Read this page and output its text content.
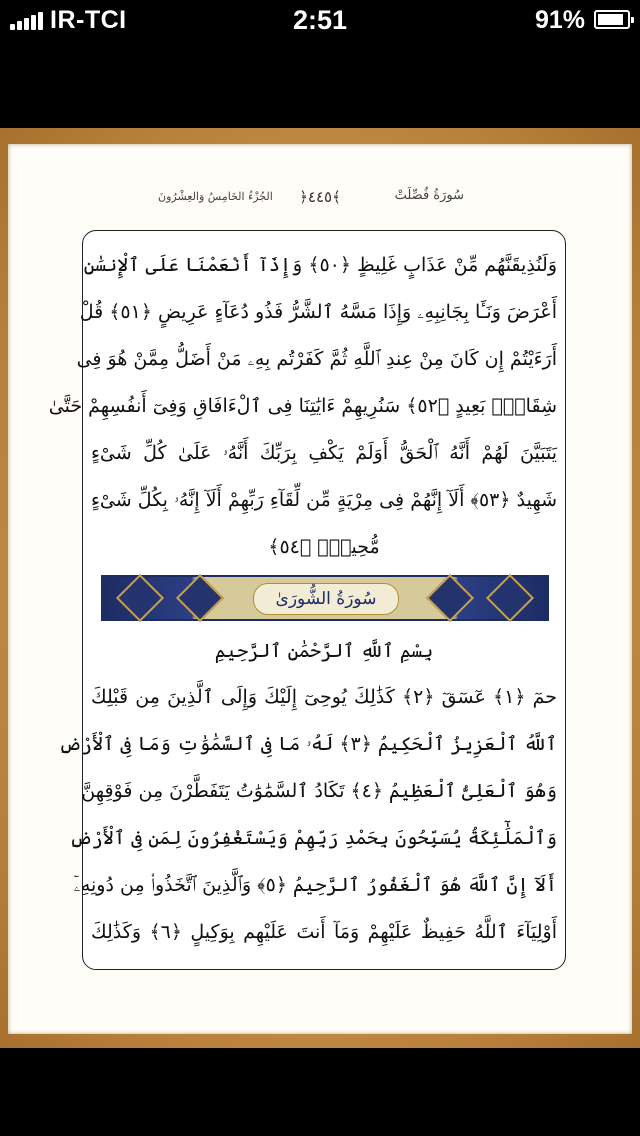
IR-TCI	2:51	91%
سُورَةُ فُصِّلَتْ
﴿٤٤٥﴾
الجُزْءُ الخَامِسُ وَالعِشْرُونَ
وَلَنُذِيقَنَّهُم مِّنْ عَذَابٍ غَلِيظٍ ﴿٥٠﴾ وَإِذَآ أَنْعَمْنَا عَلَى ٱلْإِنسَٰنِ
أَعْرَضَ وَنَـَٔا بِجَانِبِهِۦ وَإِذَا مَسَّهُ ٱلشَّرُّ فَذُو دُعَآءٍ عَرِيضٍ ﴿٥١﴾ قُلْ
أَرَءَيْتُمْ إِن كَانَ مِنْ عِندِ ٱللَّهِ ثُمَّ كَفَرْتُم بِهِۦ مَنْ أَضَلُّ مِمَّنْ هُوَ فِى
شِقَاقٍۭ بَعِيدٍ ﴿٥٢﴾ سَنُرِيهِمْ ءَايَٰتِنَا فِى ٱلْءَافَاقِ وَفِىٓ أَنفُسِهِمْ حَتَّىٰ
يَتَبَيَّنَ لَهُمْ أَنَّهُ ٱلْحَقُّ أَوَلَمْ يَكْفِ بِرَبِّكَ أَنَّهُۥ عَلَىٰ كُلِّ شَىْءٍ
شَهِيدٌ ﴿٥٣﴾ أَلَآ إِنَّهُمْ فِى مِرْيَةٍ مِّن لِّقَآءِ رَبِّهِمْ أَلَآ إِنَّهُۥ بِكُلِّ شَىْءٍ
مُّحِيطٌۢ ﴿٥٤﴾
سُورَةُ الشُّورَىٰ
بِسْمِ ٱللَّهِ ٱلرَّحْمَٰنِ ٱلرَّحِيمِ
حمٓ ﴿١﴾ عٓسٓقٓ ﴿٢﴾ كَذَٰلِكَ يُوحِىٓ إِلَيْكَ وَإِلَى ٱلَّذِينَ مِن قَبْلِكَ
ٱللَّهُ ٱلْعَزِيزُ ٱلْحَكِيمُ ﴿٣﴾ لَهُۥ مَا فِى ٱلسَّمَٰوَٰتِ وَمَا فِى ٱلْأَرْضِ
وَهُوَ ٱلْعَلِىُّ ٱلْعَظِيمُ ﴿٤﴾ تَكَادُ ٱلسَّمَٰوَٰتُ يَتَفَطَّرْنَ مِن فَوْقِهِنَّ
وَٱلْمَلَٰٓئِكَةُ يُسَبِّحُونَ بِحَمْدِ رَبِّهِمْ وَيَسْتَغْفِرُونَ لِمَن فِى ٱلْأَرْضِ
أَلَآ إِنَّ ٱللَّهَ هُوَ ٱلْغَفُورُ ٱلرَّحِيمُ ﴿٥﴾ وَٱلَّذِينَ ٱتَّخَذُوا۟ مِن دُونِهِۦٓ
أَوْلِيَآءَ ٱللَّهُ حَفِيظٌ عَلَيْهِمْ وَمَآ أَنتَ عَلَيْهِم بِوَكِيلٍ ﴿٦﴾ وَكَذَٰلِكَ
